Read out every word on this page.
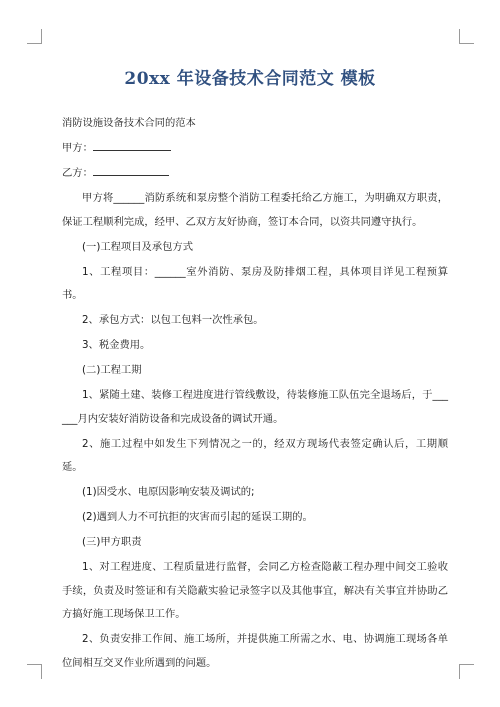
20xx 年设备技术合同范文 模板

消防设施设备技术合同的范本

甲方：

乙方：

甲方将______消防系统和泵房整个消防工程委托给乙方施工，为明确双方职责，保证工程顺利完成，经甲、乙双方友好协商，签订本合同，以资共同遵守执行。

(一)工程项目及承包方式

1、工程项目：______室外消防、泵房及防排烟工程，具体项目详见工程预算书。

2、承包方式：以包工包料一次性承包。

3、税金费用。

(二)工程工期

1、紧随土建、装修工程进度进行管线敷设，待装修施工队伍完全退场后，于______月内安装好消防设备和完成设备的调试开通。

2、施工过程中如发生下列情况之一的，经双方现场代表签定确认后，工期顺延。

(1)因受水、电原因影响安装及调试的;

(2)遇到人力不可抗拒的灾害而引起的延误工期的。

(三)甲方职责

1、对工程进度、工程质量进行监督，会同乙方检查隐蔽工程办理中间交工验收手续，负责及时签证和有关隐蔽实验记录签字以及其他事宜，解决有关事宜并协助乙方搞好施工现场保卫工作。

2、负责安排工作间、施工场所，并提供施工所需之水、电、协调施工现场各单位间相互交叉作业所遇到的问题。
